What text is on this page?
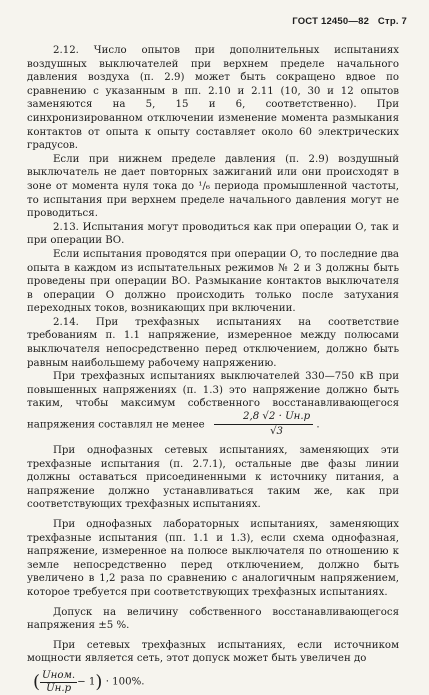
ГОСТ 12450—82 Стр. 7

2.12. Число опытов при дополнительных испытаниях воздушных выключателей при верхнем пределе начального давления воздуха (п. 2.9) может быть сокращено вдвое по сравнению с указанным в пп. 2.10 и 2.11 (10, 30 и 12 опытов заменяются на 5, 15 и 6, соответственно). При синхронизированном отключении изменение момента размыкания контактов от опыта к опыту составляет около 60 электрических градусов.

Если при нижнем пределе давления (п. 2.9) воздушный выключатель не дает повторных зажиганий или они происходят в зоне от момента нуля тока до ¹/₆ периода промышленной частоты, то испытания при верхнем пределе начального давления могут не проводиться.

2.13. Испытания могут проводиться как при операции О, так и при операции ВО.

Если испытания проводятся при операции О, то последние два опыта в каждом из испытательных режимов № 2 и 3 должны быть проведены при операции ВО. Размыкание контактов выключателя в операции О должно происходить только после затухания переходных токов, возникающих при включении.

2.14. При трехфазных испытаниях на соответствие требованиям п. 1.1 напряжение, измеренное между полюсами выключателя непосредственно перед отключением, должно быть равным наибольшему рабочему напряжению.

При трехфазных испытаниях выключателей 330—750 кВ при повышенных напряжениях (п. 1.3) это напряжение должно быть таким, чтобы максимум собственного восстанавливающегося напряжения составлял не менее $\frac{2,8 √2 \cdot Uн.р}{√3}$ .

При однофазных сетевых испытаниях, заменяющих эти трехфазные испытания (п. 2.7.1), остальные две фазы линии должны оставаться присоединенными к источнику питания, а напряжение должно устанавливаться таким же, как при соответствующих трехфазных испытаниях.

При однофазных лабораторных испытаниях, заменяющих трехфазные испытания (пп. 1.1 и 1.3), если схема однофазная, напряжение, измеренное на полюсе выключателя по отношению к земле непосредственно перед отключением, должно быть увеличено в 1,2 раза по сравнению с аналогичным напряжением, которое требуется при соответствующих трехфазных испытаниях.

Допуск на величину собственного восстанавливающегося напряжения ±5 %.

При сетевых трехфазных испытаниях, если источником мощности является сеть, этот допуск может быть увеличен до

( $\frac{\text{Uном.}}{Uн.р} - 1) \cdot 100\%$.
